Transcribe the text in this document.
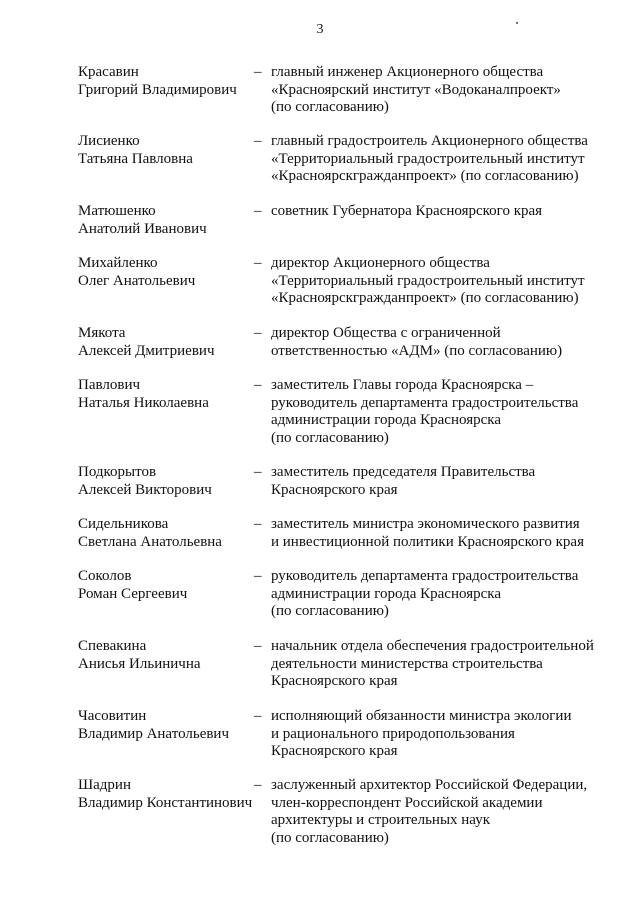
3
Красавин
Григорий Владимирович
– главный инженер Акционерного общества
«Красноярский институт «Водоканалпроект»
(по согласованию)
Лисиенко
Татьяна Павловна
– главный градостроитель Акционерного общества
«Территориальный градостроительный институт
«Красноярскгражданпроект» (по согласованию)
Матюшенко
Анатолий Иванович
– советник Губернатора Красноярского края
Михайленко
Олег Анатольевич
– директор Акционерного общества
«Территориальный градостроительный институт
«Красноярскгражданпроект» (по согласованию)
Мякота
Алексей Дмитриевич
– директор Общества с ограниченной
ответственностью «АДМ» (по согласованию)
Павлович
Наталья Николаевна
– заместитель Главы города Красноярска –
руководитель департамента градостроительства
администрации города Красноярска
(по согласованию)
Подкорытов
Алексей Викторович
– заместитель председателя Правительства
Красноярского края
Сидельникова
Светлана Анатольевна
– заместитель министра экономического развития
и инвестиционной политики Красноярского края
Соколов
Роман Сергеевич
– руководитель департамента градостроительства
администрации города Красноярска
(по согласованию)
Спевакина
Анисья Ильинична
– начальник отдела обеспечения градостроительной
деятельности министерства строительства
Красноярского края
Часовитин
Владимир Анатольевич
– исполняющий обязанности министра экологии
и рационального природопользования
Красноярского края
Шадрин
Владимир Константинович
– заслуженный архитектор Российской Федерации,
член-корреспондент Российской академии
архитектуры и строительных наук
(по согласованию)
